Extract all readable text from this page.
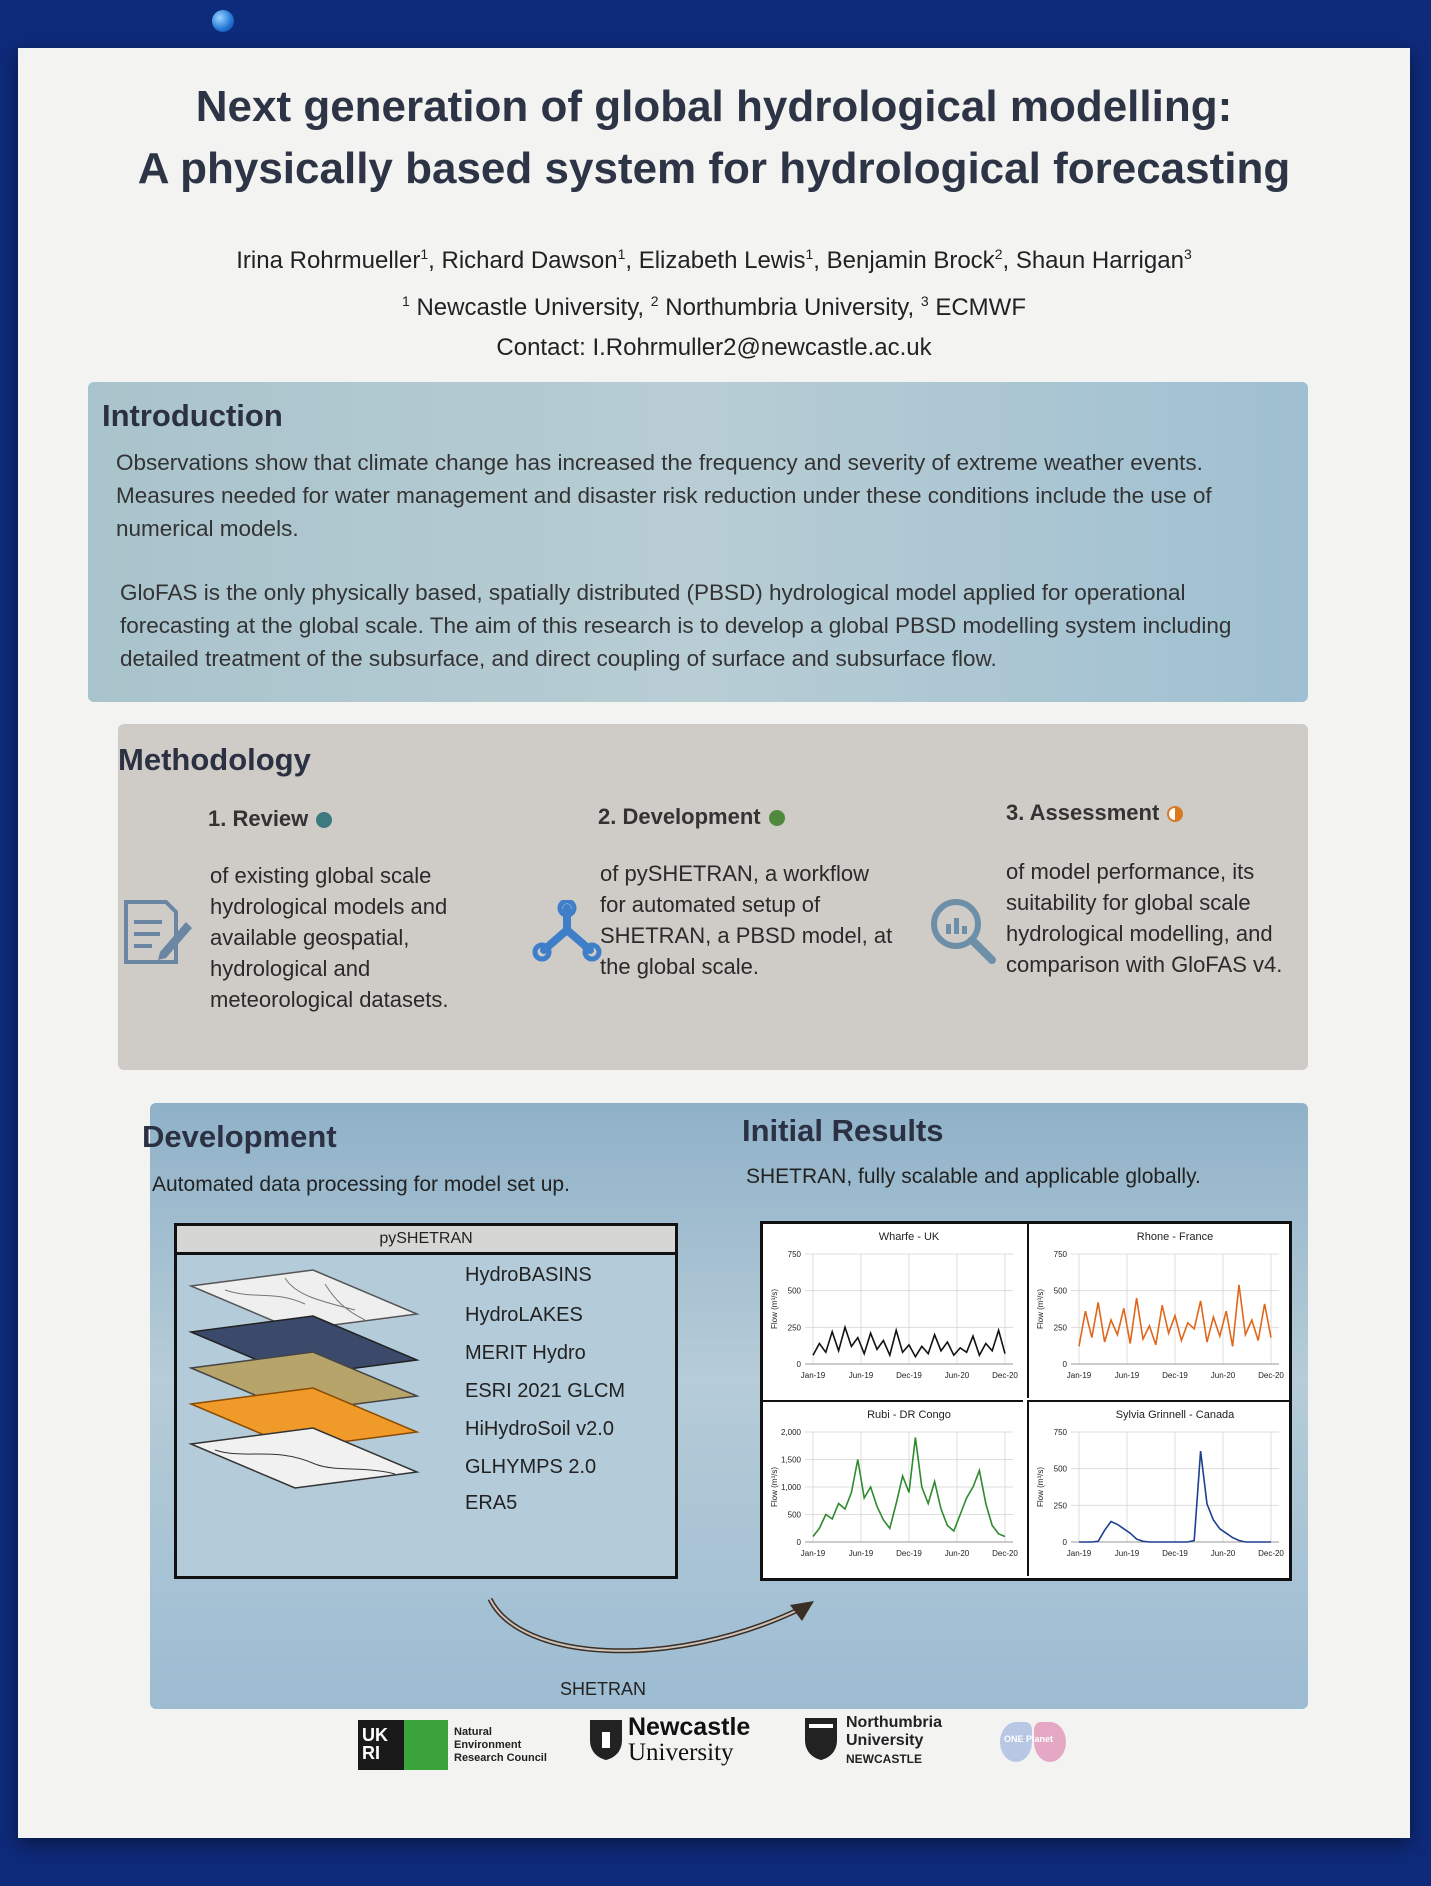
Next generation of global hydrological modelling:
A physically based system for hydrological forecasting
Irina Rohrmueller$^1$, Richard Dawson$^1$, Elizabeth Lewis$^1$, Benjamin Brock$^2$, Shaun Harrigan$^3$
$^1$ Newcastle University, $^2$ Northumbria University, $^3$ ECMWF
Contact: I.Rohrmuller2@newcastle.ac.uk
Introduction
Observations show that climate change has increased the frequency and severity of extreme weather events. Measures needed for water management and disaster risk reduction under these conditions include the use of numerical models.
GloFAS is the only physically based, spatially distributed (PBSD) hydrological model applied for operational forecasting at the global scale. The aim of this research is to develop a global PBSD modelling system including detailed treatment of the subsurface, and direct coupling of surface and subsurface flow.
Methodology
1. Review
of existing global scale hydrological models and available geospatial, hydrological and meteorological datasets.
2. Development
of pySHETRAN, a workflow for automated setup of SHETRAN, a PBSD model, at the global scale.
3. Assessment
of model performance, its suitability for global scale hydrological modelling, and comparison with GloFAS v4.
Development
Automated data processing for model set up.
pySHETRAN
HydroBASINS
HydroLAKES
MERIT Hydro
ESRI 2021 GLCM
HiHydroSoil v2.0
GLHYMPS 2.0
ERA5
Initial Results
SHETRAN, fully scalable and applicable globally.
Wharfe - UK
Flow (m³/s)
0
250
500
750
Jan-19	Jun-19	Dec-19	Jun-20	Dec-20
Rhone - France
Flow (m³/s)
0
250
500
750
Jan-19	Jun-19	Dec-19	Jun-20	Dec-20
Rubi - DR Congo
Flow (m³/s)
0
500
1,000
1,500
2,000
Jan-19	Jun-19	Dec-19	Jun-20	Dec-20
Sylvia Grinnell - Canada
Flow (m³/s)
0
250
500
750
Jan-19	Jun-19	Dec-19	Jun-20	Dec-20
SHETRAN
UK RI
Natural
Environment
Research Council
Newcastle
University
Northumbria
University
NEWCASTLE
ONE Planet
